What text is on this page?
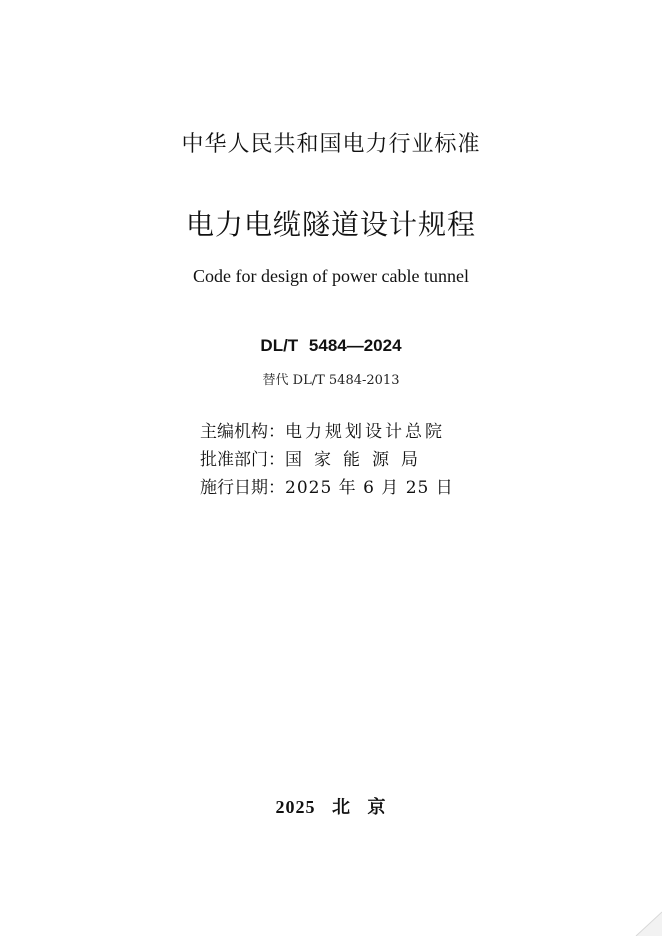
中华人民共和国电力行业标准
电力电缆隧道设计规程
Code for design of power cable tunnel
DL/T 5484—2024
替代 DL/T 5484-2013
主编机构：电力规划设计总院
批准部门：国家能源局
施行日期：2025 年 6 月 25 日
2025   北   京
